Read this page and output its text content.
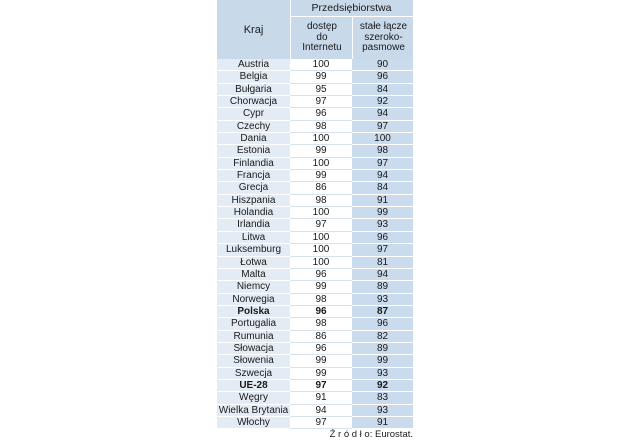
Kraj
Przedsiębiorstwa
dostęp
do
Internetu
stałe łącze
szeroko-
pasmowe
Austria	100	90
Belgia	99	96
Bułgaria	95	84
Chorwacja	97	92
Cypr	96	94
Czechy	98	97
Dania	100	100
Estonia	99	98
Finlandia	100	97
Francja	99	94
Grecja	86	84
Hiszpania	98	91
Holandia	100	99
Irlandia	97	93
Litwa	100	96
Luksemburg	100	97
Łotwa	100	81
Malta	96	94
Niemcy	99	89
Norwegia	98	93
Polska	96	87
Portugalia	98	96
Rumunia	86	82
Słowacja	96	89
Słowenia	99	99
Szwecja	99	93
UE-28	97	92
Węgry	91	83
Wielka Brytania	94	93
Włochy	97	91
Ź r ó d ł o: Eurostat.
